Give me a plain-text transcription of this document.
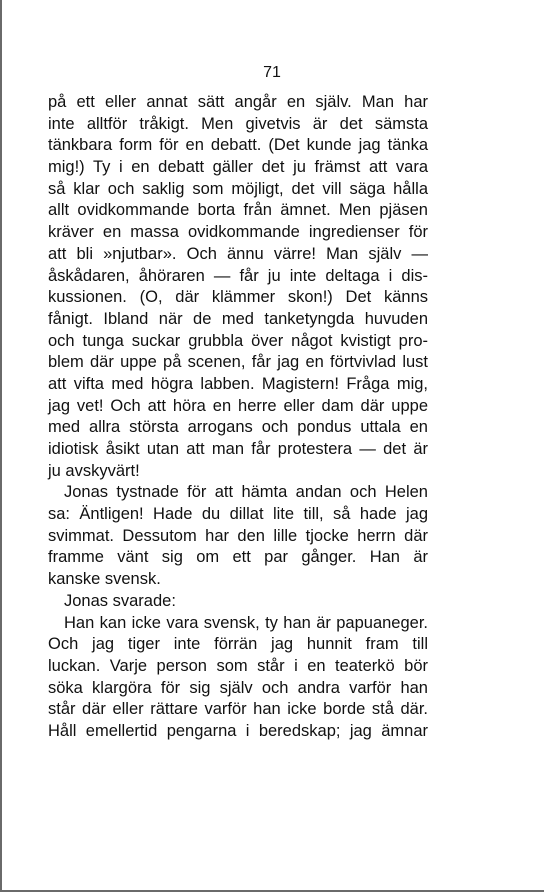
71
på ett eller annat sätt angår en själv. Man har
inte alltför tråkigt. Men givetvis är det sämsta
tänkbara form för en debatt. (Det kunde jag tänka
mig!) Ty i en debatt gäller det ju främst att vara
så klar och saklig som möjligt, det vill säga hålla
allt ovidkommande borta från ämnet. Men pjäsen
kräver en massa ovidkommande ingredienser för
att bli »njutbar». Och ännu värre! Man själv —
åskådaren, åhöraren — får ju inte deltaga i dis-
kussionen. (O, där klämmer skon!) Det känns
fånigt. Ibland när de med tanketyngda huvuden
och tunga suckar grubbla över något kvistigt pro-
blem där uppe på scenen, får jag en förtvivlad lust
att vifta med högra labben. Magistern! Fråga mig,
jag vet! Och att höra en herre eller dam där uppe
med allra största arrogans och pondus uttala en
idiotisk åsikt utan att man får protestera — det är
ju avskyvärt!
Jonas tystnade för att hämta andan och Helen
sa: Äntligen! Hade du dillat lite till, så hade jag
svimmat. Dessutom har den lille tjocke herrn där
framme vänt sig om ett par gånger. Han är
kanske svensk.
Jonas svarade:
Han kan icke vara svensk, ty han är papuaneger.
Och jag tiger inte förrän jag hunnit fram till
luckan. Varje person som står i en teaterkö bör
söka klargöra för sig själv och andra varför han
står där eller rättare varför han icke borde stå där.
Håll emellertid pengarna i beredskap; jag ämnar
